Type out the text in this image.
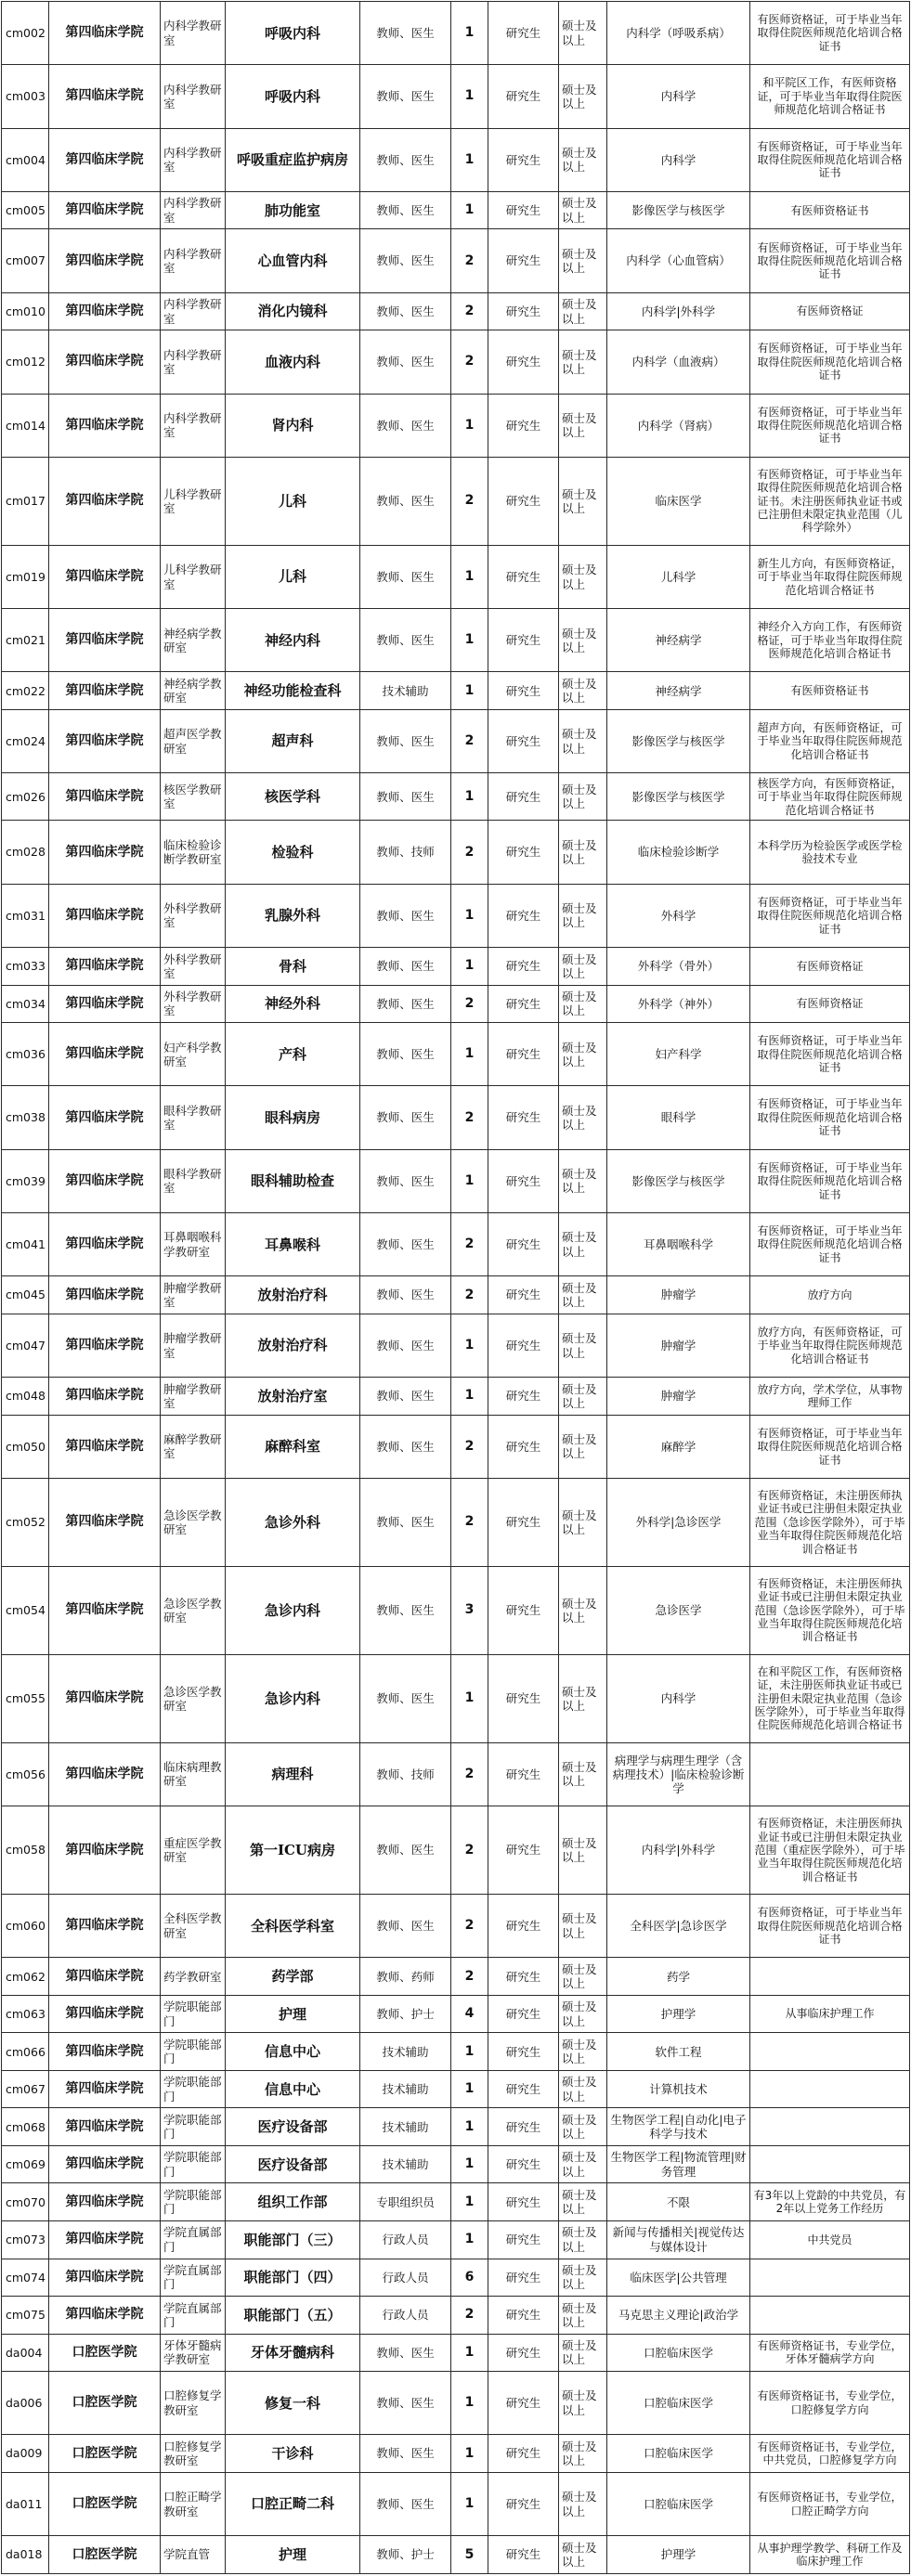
cm002	第四临床学院	内科学教研室	呼吸内科	教师、医生	1	研究生	硕士及以上	内科学（呼吸系病）	有医师资格证，可于毕业当年取得住院医师规范化培训合格证书
cm003	第四临床学院	内科学教研室	呼吸内科	教师、医生	1	研究生	硕士及以上	内科学	和平院区工作，有医师资格证，可于毕业当年取得住院医师规范化培训合格证书
cm004	第四临床学院	内科学教研室	呼吸重症监护病房	教师、医生	1	研究生	硕士及以上	内科学	有医师资格证，可于毕业当年取得住院医师规范化培训合格证书
cm005	第四临床学院	内科学教研室	肺功能室	教师、医生	1	研究生	硕士及以上	影像医学与核医学	有医师资格证书
cm007	第四临床学院	内科学教研室	心血管内科	教师、医生	2	研究生	硕士及以上	内科学（心血管病）	有医师资格证，可于毕业当年取得住院医师规范化培训合格证书
cm010	第四临床学院	内科学教研室	消化内镜科	教师、医生	2	研究生	硕士及以上	内科学|外科学	有医师资格证
cm012	第四临床学院	内科学教研室	血液内科	教师、医生	2	研究生	硕士及以上	内科学（血液病）	有医师资格证，可于毕业当年取得住院医师规范化培训合格证书
cm014	第四临床学院	内科学教研室	肾内科	教师、医生	1	研究生	硕士及以上	内科学（肾病）	有医师资格证，可于毕业当年取得住院医师规范化培训合格证书
cm017	第四临床学院	儿科学教研室	儿科	教师、医生	2	研究生	硕士及以上	临床医学	有医师资格证，可于毕业当年取得住院医师规范化培训合格证书。未注册医师执业证书或已注册但未限定执业范围（儿科学除外）
cm019	第四临床学院	儿科学教研室	儿科	教师、医生	1	研究生	硕士及以上	儿科学	新生儿方向，有医师资格证，可于毕业当年取得住院医师规范化培训合格证书
cm021	第四临床学院	神经病学教研室	神经内科	教师、医生	1	研究生	硕士及以上	神经病学	神经介入方向工作，有医师资格证，可于毕业当年取得住院医师规范化培训合格证书
cm022	第四临床学院	神经病学教研室	神经功能检查科	技术辅助	1	研究生	硕士及以上	神经病学	有医师资格证书
cm024	第四临床学院	超声医学教研室	超声科	教师、医生	2	研究生	硕士及以上	影像医学与核医学	超声方向，有医师资格证，可于毕业当年取得住院医师规范化培训合格证书
cm026	第四临床学院	核医学教研室	核医学科	教师、医生	1	研究生	硕士及以上	影像医学与核医学	核医学方向，有医师资格证，可于毕业当年取得住院医师规范化培训合格证书
cm028	第四临床学院	临床检验诊断学教研室	检验科	教师、技师	2	研究生	硕士及以上	临床检验诊断学	本科学历为检验医学或医学检验技术专业
cm031	第四临床学院	外科学教研室	乳腺外科	教师、医生	1	研究生	硕士及以上	外科学	有医师资格证，可于毕业当年取得住院医师规范化培训合格证书
cm033	第四临床学院	外科学教研室	骨科	教师、医生	1	研究生	硕士及以上	外科学（骨外）	有医师资格证
cm034	第四临床学院	外科学教研室	神经外科	教师、医生	2	研究生	硕士及以上	外科学（神外）	有医师资格证
cm036	第四临床学院	妇产科学教研室	产科	教师、医生	1	研究生	硕士及以上	妇产科学	有医师资格证，可于毕业当年取得住院医师规范化培训合格证书
cm038	第四临床学院	眼科学教研室	眼科病房	教师、医生	2	研究生	硕士及以上	眼科学	有医师资格证，可于毕业当年取得住院医师规范化培训合格证书
cm039	第四临床学院	眼科学教研室	眼科辅助检查	教师、医生	1	研究生	硕士及以上	影像医学与核医学	有医师资格证，可于毕业当年取得住院医师规范化培训合格证书
cm041	第四临床学院	耳鼻咽喉科学教研室	耳鼻喉科	教师、医生	2	研究生	硕士及以上	耳鼻咽喉科学	有医师资格证，可于毕业当年取得住院医师规范化培训合格证书
cm045	第四临床学院	肿瘤学教研室	放射治疗科	教师、医生	2	研究生	硕士及以上	肿瘤学	放疗方向
cm047	第四临床学院	肿瘤学教研室	放射治疗科	教师、医生	1	研究生	硕士及以上	肿瘤学	放疗方向，有医师资格证，可于毕业当年取得住院医师规范化培训合格证书
cm048	第四临床学院	肿瘤学教研室	放射治疗室	教师、医生	1	研究生	硕士及以上	肿瘤学	放疗方向，学术学位，从事物理师工作
cm050	第四临床学院	麻醉学教研室	麻醉科室	教师、医生	2	研究生	硕士及以上	麻醉学	有医师资格证，可于毕业当年取得住院医师规范化培训合格证书
cm052	第四临床学院	急诊医学教研室	急诊外科	教师、医生	2	研究生	硕士及以上	外科学|急诊医学	有医师资格证，未注册医师执业证书或已注册但未限定执业范围（急诊医学除外），可于毕业当年取得住院医师规范化培训合格证书
cm054	第四临床学院	急诊医学教研室	急诊内科	教师、医生	3	研究生	硕士及以上	急诊医学	有医师资格证，未注册医师执业证书或已注册但未限定执业范围（急诊医学除外），可于毕业当年取得住院医师规范化培训合格证书
cm055	第四临床学院	急诊医学教研室	急诊内科	教师、医生	1	研究生	硕士及以上	内科学	在和平院区工作，有医师资格证，未注册医师执业证书或已注册但未限定执业范围（急诊医学除外），可于毕业当年取得住院医师规范化培训合格证书
cm056	第四临床学院	临床病理教研室	病理科	教师、技师	2	研究生	硕士及以上	病理学与病理生理学（含病理技术）|临床检验诊断学	
cm058	第四临床学院	重症医学教研室	第一ICU病房	教师、医生	2	研究生	硕士及以上	内科学|外科学	有医师资格证，未注册医师执业证书或已注册但未限定执业范围（重症医学除外），可于毕业当年取得住院医师规范化培训合格证书
cm060	第四临床学院	全科医学教研室	全科医学科室	教师、医生	2	研究生	硕士及以上	全科医学|急诊医学	有医师资格证，可于毕业当年取得住院医师规范化培训合格证书
cm062	第四临床学院	药学教研室	药学部	教师、药师	2	研究生	硕士及以上	药学	
cm063	第四临床学院	学院职能部门	护理	教师、护士	4	研究生	硕士及以上	护理学	从事临床护理工作
cm066	第四临床学院	学院职能部门	信息中心	技术辅助	1	研究生	硕士及以上	软件工程	
cm067	第四临床学院	学院职能部门	信息中心	技术辅助	1	研究生	硕士及以上	计算机技术	
cm068	第四临床学院	学院职能部门	医疗设备部	技术辅助	1	研究生	硕士及以上	生物医学工程|自动化|电子科学与技术	
cm069	第四临床学院	学院职能部门	医疗设备部	技术辅助	1	研究生	硕士及以上	生物医学工程|物流管理|财务管理	
cm070	第四临床学院	学院职能部门	组织工作部	专职组织员	1	研究生	硕士及以上	不限	有3年以上党龄的中共党员，有2年以上党务工作经历
cm073	第四临床学院	学院直属部门	职能部门（三）	行政人员	1	研究生	硕士及以上	新闻与传播相关|视觉传达与媒体设计	中共党员
cm074	第四临床学院	学院直属部门	职能部门（四）	行政人员	6	研究生	硕士及以上	临床医学|公共管理	
cm075	第四临床学院	学院直属部门	职能部门（五）	行政人员	2	研究生	硕士及以上	马克思主义理论|政治学	
da004	口腔医学院	牙体牙髓病学教研室	牙体牙髓病科	教师、医生	1	研究生	硕士及以上	口腔临床医学	有医师资格证书，专业学位，牙体牙髓病学方向
da006	口腔医学院	口腔修复学教研室	修复一科	教师、医生	1	研究生	硕士及以上	口腔临床医学	有医师资格证书，专业学位，口腔修复学方向
da009	口腔医学院	口腔修复学教研室	干诊科	教师、医生	1	研究生	硕士及以上	口腔临床医学	有医师资格证书，专业学位，中共党员，口腔修复学方向
da011	口腔医学院	口腔正畸学教研室	口腔正畸二科	教师、医生	1	研究生	硕士及以上	口腔临床医学	有医师资格证书，专业学位，口腔正畸学方向
da018	口腔医学院	学院直管	护理	教师、护士	5	研究生	硕士及以上	护理学	从事护理学教学、科研工作及临床护理工作
